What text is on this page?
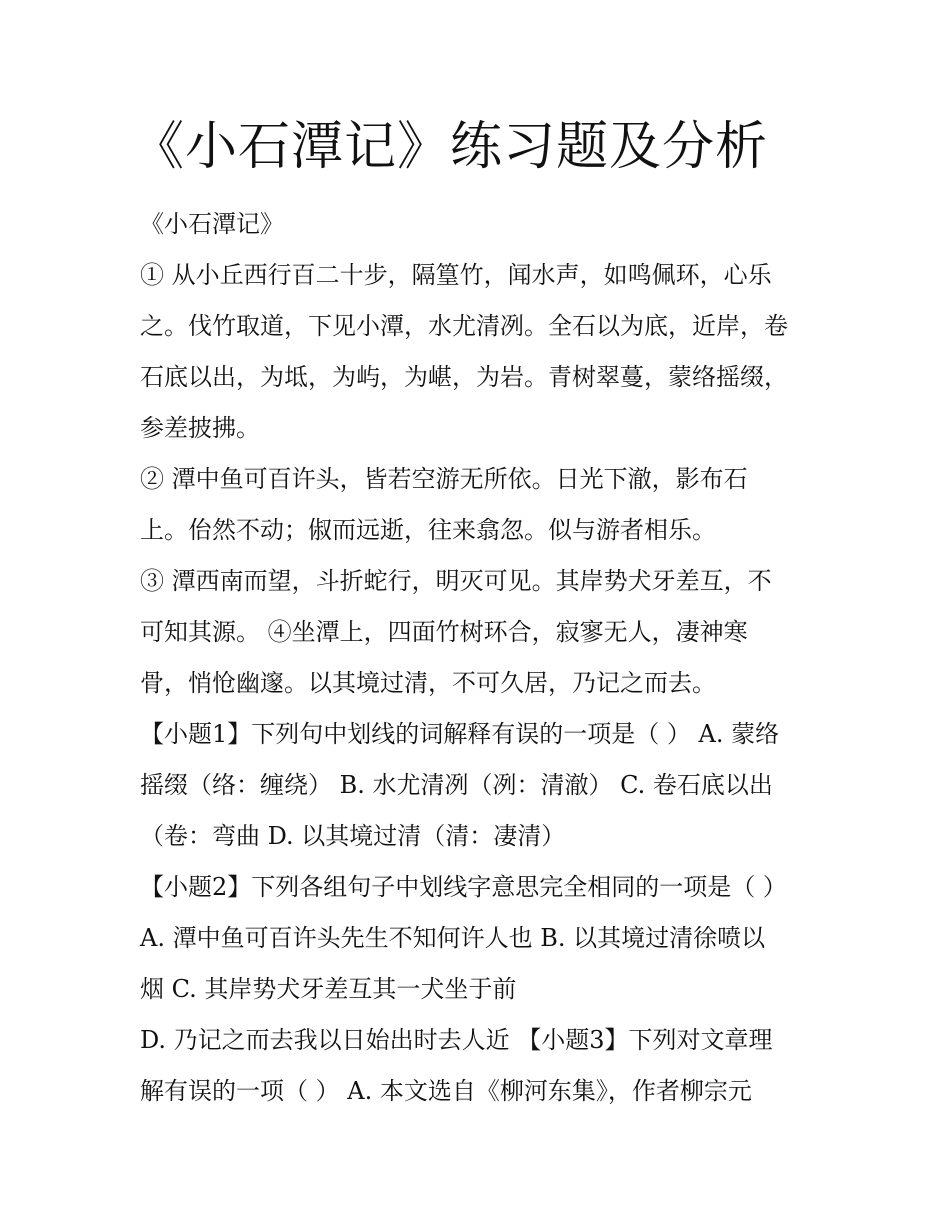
《小石潭记》练习题及分析
《小石潭记》
① 从小丘西行百二十步，隔篁竹，闻水声，如鸣佩环，心乐
之。伐竹取道，下见小潭，水尤清冽。全石以为底，近岸，卷
石底以出，为坻，为屿，为嵁，为岩。青树翠蔓，蒙络摇缀，
参差披拂。
② 潭中鱼可百许头，皆若空游无所依。日光下澈，影布石
上。佁然不动；俶而远逝，往来翕忽。似与游者相乐。
③ 潭西南而望，斗折蛇行，明灭可见。其岸势犬牙差互，不
可知其源。 ④坐潭上，四面竹树环合，寂寥无人，凄神寒
骨，悄怆幽邃。以其境过清，不可久居，乃记之而去。
【小题1】下列句中划线的词解释有误的一项是（ ） A. 蒙络
摇缀（络：缠绕） B. 水尤清冽（冽：清澈） C. 卷石底以出
（卷：弯曲 D. 以其境过清（清：凄清）
【小题2】下列各组句子中划线字意思完全相同的一项是（ ）
A. 潭中鱼可百许头先生不知何许人也 B. 以其境过清徐喷以
烟 C. 其岸势犬牙差互其一犬坐于前
D. 乃记之而去我以日始出时去人近 【小题3】下列对文章理
解有误的一项（ ） A. 本文选自《柳河东集》，作者柳宗元
